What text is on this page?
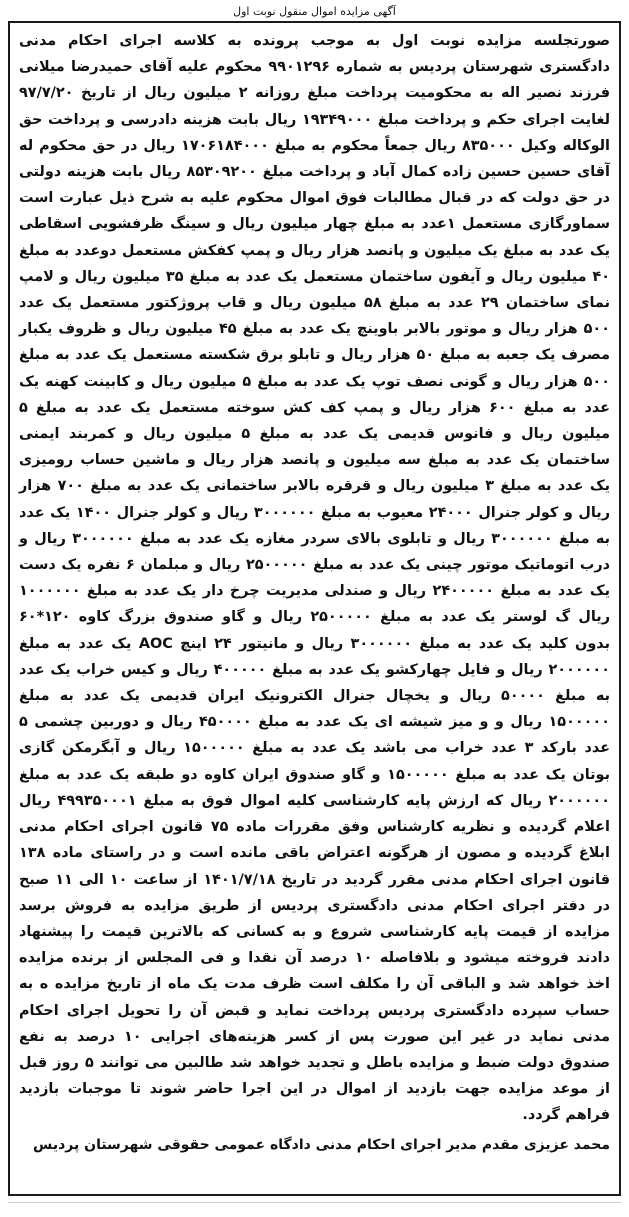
آگهی مزایده اموال منقول نوبت اول

صورتجلسه مزایده نوبت اول به موجب پرونده به کلاسه اجرای احکام مدنی دادگستری شهرستان پردیس به شماره ۹۹۰۱۲۹۶ محکوم علیه آقای حمیدرضا میلانی فرزند نصیر اله به محکومیت پرداخت مبلغ روزانه ۲ میلیون ریال از تاریخ ۹۷/۷/۲۰ لغایت اجرای حکم و پرداخت مبلغ ۱۹۳۴۹۰۰۰ ریال بابت هزینه دادرسی و پرداخت حق الوکاله وکیل ۸۳۵۰۰۰ ریال جمعاً محکوم به مبلغ ۱۷۰۶۱۸۴۰۰۰ ریال در حق محکوم له آقای حسین حسین زاده کمال آباد و پرداخت مبلغ ۸۵۳۰۹۲۰۰ ریال بابت هزینه دولتی در حق دولت که در قبال مطالبات فوق اموال محکوم علیه به شرح ذیل عبارت است سماورگازی مستعمل ۱عدد به مبلغ چهار میلیون ریال و سینگ ظرفشویی اسقاطی یک عدد به مبلغ یک میلیون و پانصد هزار ریال و پمپ کفکش مستعمل دوعدد به مبلغ ۴۰ میلیون ریال و آیفون ساختمان مستعمل یک عدد به مبلغ ۳۵ میلیون ریال و لامپ نمای ساختمان ۲۹ عدد به مبلغ ۵۸ میلیون ریال و قاب پروژکتور مستعمل یک عدد ۵۰۰ هزار ریال و موتور بالابر باوینچ یک عدد به مبلغ ۴۵ میلیون ریال و ظروف یکبار مصرف یک جعبه به مبلغ ۵۰ هزار ریال و تابلو برق شکسته مستعمل یک عدد به مبلغ ۵۰۰ هزار ریال و گونی نصف توپ یک عدد به مبلغ ۵ میلیون ریال و کابینت کهنه یک عدد به مبلغ ۶۰۰ هزار ریال و پمپ کف کش سوخته مستعمل یک عدد به مبلغ ۵ میلیون ریال و فانوس قدیمی یک عدد به مبلغ ۵ میلیون ریال و کمربند ایمنی ساختمان یک عدد به مبلغ سه میلیون و پانصد هزار ریال و ماشین حساب رومیزی یک عدد به مبلغ ۳ میلیون ریال و قرقره بالابر ساختمانی یک عدد به مبلغ ۷۰۰ هزار ریال و کولر جنرال ۲۴۰۰۰ معیوب به مبلغ ۳۰۰۰۰۰۰ ریال و کولر جنرال ۱۴۰۰ یک عدد به مبلغ ۳۰۰۰۰۰۰ ریال و تابلوی بالای سردر مغازه یک عدد به مبلغ ۳۰۰۰۰۰۰ ریال و درب اتوماتیک موتور چینی یک عدد به مبلغ ۲۵۰۰۰۰۰ ریال و مبلمان ۶ نفره یک دست یک عدد به مبلغ ۲۴۰۰۰۰۰ ریال و صندلی مدیریت چرخ دار یک عدد به مبلغ ۱۰۰۰۰۰۰ ریال گ لوستر یک عدد به مبلغ ۲۵۰۰۰۰۰ ریال و گاو صندوق بزرگ کاوه ۱۲۰*۶۰ بدون کلید یک عدد به مبلغ ۳۰۰۰۰۰۰ ریال و مانیتور ۲۴ اینچ AOC یک عدد به مبلغ ۲۰۰۰۰۰۰ ریال و فایل چهارکشو یک عدد به مبلغ ۴۰۰۰۰۰ ریال و کیس خراب یک عدد به مبلغ ۵۰۰۰۰ ریال و یخچال جنرال الکترونیک ایران قدیمی یک عدد به مبلغ ۱۵۰۰۰۰۰ ریال و و میز شیشه ای یک عدد به مبلغ ۴۵۰۰۰۰ ریال و دوربین چشمی ۵ عدد بارکد ۳ عدد خراب می باشد یک عدد به مبلغ ۱۵۰۰۰۰۰ ریال و آبگرمکن گازی بوتان یک عدد به مبلغ ۱۵۰۰۰۰۰ و گاو صندوق ایران کاوه دو طبقه یک عدد به مبلغ ۲۰۰۰۰۰۰ ریال که ارزش پایه کارشناسی کلیه اموال فوق به مبلغ ۴۹۹۳۵۰۰۰۱ ریال اعلام گردیده و نظریه کارشناس وفق مقررات ماده ۷۵ قانون اجرای احکام مدنی ابلاغ گردیده و مصون از هرگونه اعتراض باقی مانده است و در راستای ماده ۱۳۸ قانون اجرای احکام مدنی مقرر گردید در تاریخ ۱۴۰۱/۷/۱۸ از ساعت ۱۰ الی ۱۱ صبح در دفتر اجرای احکام مدنی دادگستری پردیس از طریق مزایده به فروش برسد مزایده از قیمت پایه کارشناسی شروع و به کسانی که بالاترین قیمت را پیشنهاد دادند فروخته میشود و بلافاصله ۱۰ درصد آن نقدا و فی المجلس از برنده مزایده اخذ خواهد شد و الباقی آن را مکلف است ظرف مدت یک ماه از تاریخ مزایده ه به حساب سپرده دادگستری پردیس پرداخت نماید و قبض آن را تحویل اجرای احکام مدنی نماید در غیر این صورت پس از کسر هزینه‌های اجرایی ۱۰ درصد به نفع صندوق دولت ضبط و مزایده باطل و تجدید خواهد شد طالبین می توانند ۵ روز قبل از موعد مزایده جهت بازدید از اموال در این اجرا حاضر شوند تا موجبات بازدید فراهم گردد.

محمد عزیزی مقدم مدیر اجرای احکام مدنی دادگاه عمومی حقوقی شهرستان پردیس
